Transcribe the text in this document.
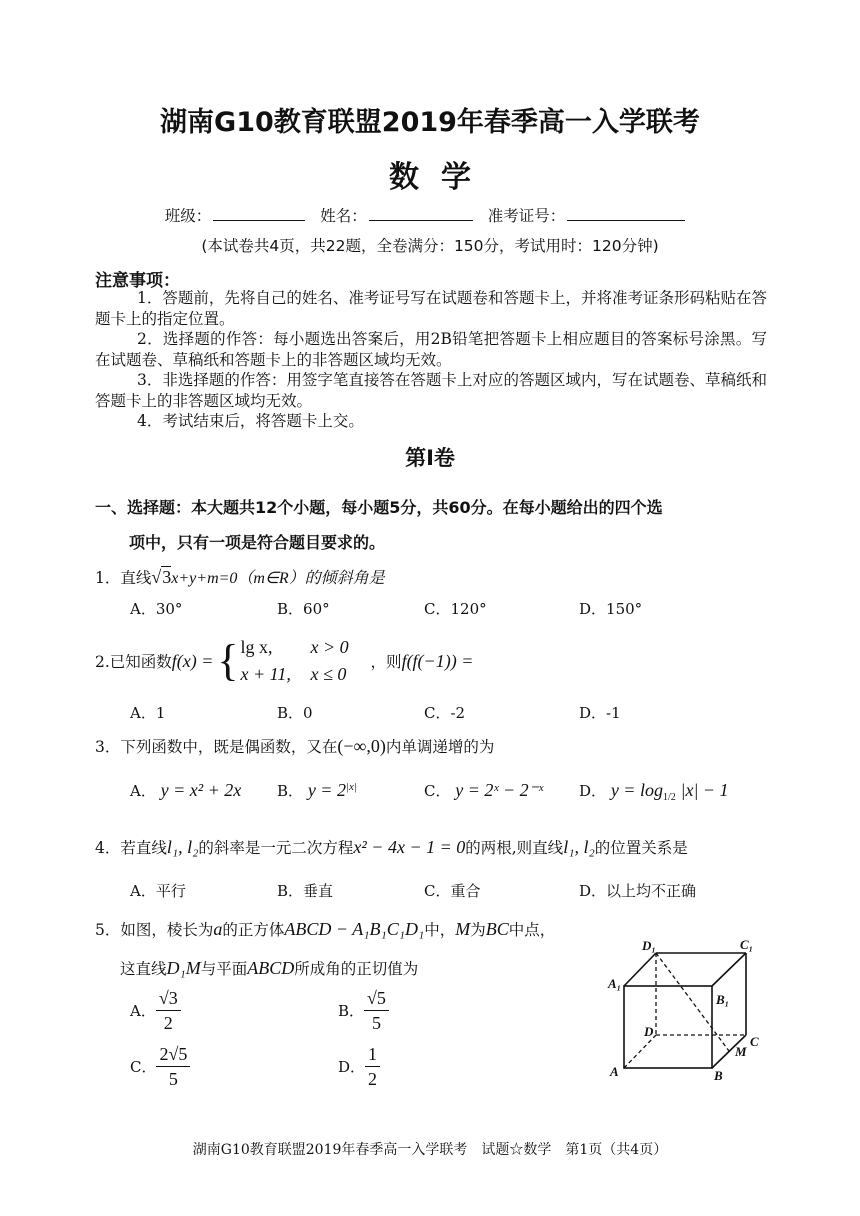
湖南G10教育联盟2019年春季高一入学联考
数学
班级：	姓名：	准考证号：
(本试卷共4页，共22题，全卷满分：150分，考试用时：120分钟)
注意事项：

1．答题前，先将自己的姓名、准考证号写在试题卷和答题卡上，并将准考证条形码粘贴在答题卡上的指定位置。

2．选择题的作答：每小题选出答案后，用2B铅笔把答题卡上相应题目的答案标号涂黑。写在试题卷、草稿纸和答题卡上的非答题区域均无效。

3．非选择题的作答：用签字笔直接答在答题卡上对应的答题区域内，写在试题卷、草稿纸和答题卡上的非答题区域均无效。

4．考试结束后，将答题卡上交。

第Ⅰ卷
一、选择题：本大题共12个小题，每小题5分，共60分。在每小题给出的四个选
项中，只有一项是符合题目要求的。
1．直线√3x+y+m=0（m∈R）的倾斜角是
A．30°	B．60°	C．120°	D．150°
2.已知函数 f(x) = { lg x,	x > 0
x + 11,	x ≤ 0
，则 f(f(−1)) =
A．1	B．0	C．-2	D．-1
3．下列函数中，既是偶函数，又在(−∞,0)内单调递增的为
A． y = x² + 2x B． $y = 2^{|x|}$	C． y = 2ˣ − 2⁻ˣ D． $y = \log_{1/2} |x| - 1$
4．若直线l₁, l₂的斜率是一元二次方程x² − 4x − 1 = 0的两根,则直线l₁, l₂的位置关系是
A．平行	B．垂直	C．重合	D．以上均不正确
5．如图，棱长为a的正方体ABCD − A₁B₁C₁D₁中，M为BC中点，
这直线D₁M与平面ABCD所成角的正切值为
A． $\frac{√3}{2}$	B． $\frac{√5}{5}$
C． $\frac{2√5}{5}$	D． $\frac{1}{2}$
D₁	C₁
A₁
B₁
D
C
M
A	B
湖南G10教育联盟2019年春季高一入学联考　试题☆数学　第1页（共4页）
